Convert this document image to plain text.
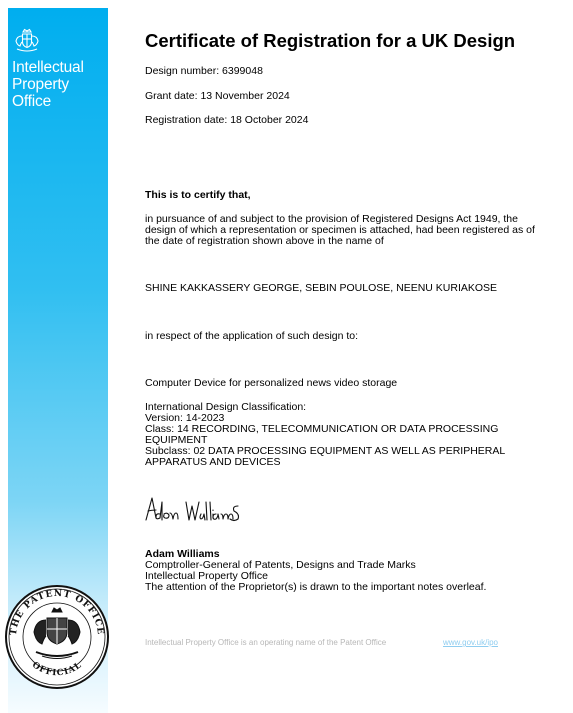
Intellectual
Property
Office
THE PATENT OFFICE
OFFICIAL
Certificate of Registration for a UK Design
Design number: 6399048
Grant date: 13 November 2024
Registration date: 18 October 2024
This is to certify that,
in pursuance of and subject to the provision of Registered Designs Act 1949, the design of which a representation or specimen is attached, had been registered as of the date of registration shown above in the name of
SHINE KAKKASSERY GEORGE, SEBIN POULOSE, NEENU KURIAKOSE
in respect of the application of such design to:
Computer Device for personalized news video storage
International Design Classification:
Version: 14-2023
Class: 14 RECORDING, TELECOMMUNICATION OR DATA PROCESSING EQUIPMENT
Subclass: 02 DATA PROCESSING EQUIPMENT AS WELL AS PERIPHERAL APPARATUS AND DEVICES
Adam Williams
Comptroller-General of Patents, Designs and Trade Marks
Intellectual Property Office
The attention of the Proprietor(s) is drawn to the important notes overleaf.
Intellectual Property Office is an operating name of the Patent Office	www.gov.uk/ipo
